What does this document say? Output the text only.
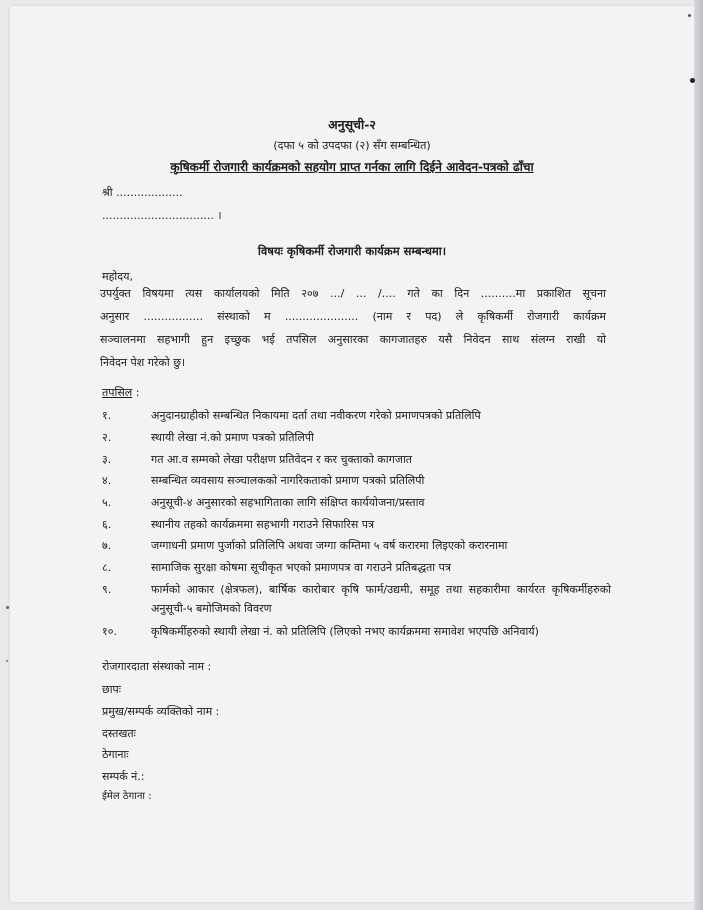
अनुसूची-२
(दफा ५ को उपदफा (२) सँग सम्बन्धित)
कृषिकर्मी रोजगारी कार्यक्रमको सहयोग प्राप्त गर्नका लागि दिईने आवेदन-पत्रको ढाँचा
श्री ...................
................................ ।
विषयः कृषिकर्मी रोजगारी कार्यक्रम सम्बन्धमा।
महोदय,
उपर्युक्त विषयमा त्यस कार्यालयको मिति २०७ .../ ... /.... गते का दिन ..........मा प्रकाशित सूचना
अनुसार ................. संस्थाको म ..................... (नाम र पद) ले कृषिकर्मी रोजगारी कार्यक्रम
सञ्चालनमा सहभागी हुन इच्छुक भई तपसिल अनुसारका कागजातहरु यसै निवेदन साथ संलग्न राखी यो
निवेदन पेश गरेको छु।
तपसिल :
१.	अनुदानग्राहीको सम्बन्धित निकायमा दर्ता तथा नवीकरण गरेको प्रमाणपत्रको प्रतिलिपि
२.	स्थायी लेखा नं.को प्रमाण पत्रको प्रतिलिपी
३.	गत आ.व सम्मको लेखा परीक्षण प्रतिवेदन र कर चुक्ताको कागजात
४.	सम्बन्धित व्यवसाय सञ्चालकको नागरिकताको प्रमाण पत्रको प्रतिलिपी
५.	अनुसूची-४ अनुसारको सहभागिताका लागि संक्षिप्त कार्ययोजना/प्रस्ताव
६.	स्थानीय तहको कार्यक्रममा सहभागी गराउने सिफारिस पत्र
७.	जग्गाधनी प्रमाण पुर्जाको प्रतिलिपि अथवा जग्गा कम्तिमा ५ वर्ष करारमा लिइएको करारनामा
८.	सामाजिक सुरक्षा कोषमा सूचीकृत भएको प्रमाणपत्र वा गराउने प्रतिबद्धता पत्र
९.	फार्मको आकार (क्षेत्रफल), बार्षिक कारोबार कृषि फार्म/उद्यमी, समूह तथा सहकारीमा कार्यरत कृषिकर्मीहरुको अनुसूची-५ बमोजिमको विवरण
१०.	कृषिकर्मीहरुको स्थायी लेखा नं. को प्रतिलिपि (लिएको नभए कार्यक्रममा समावेश भएपछि अनिवार्य)
रोजगारदाता संस्थाको नाम :
छापः
प्रमुख/सम्पर्क व्यक्तिको नाम :
दस्तखतः
ठेगानाः
सम्पर्क नं.:
ईमेल ठेगाना :
